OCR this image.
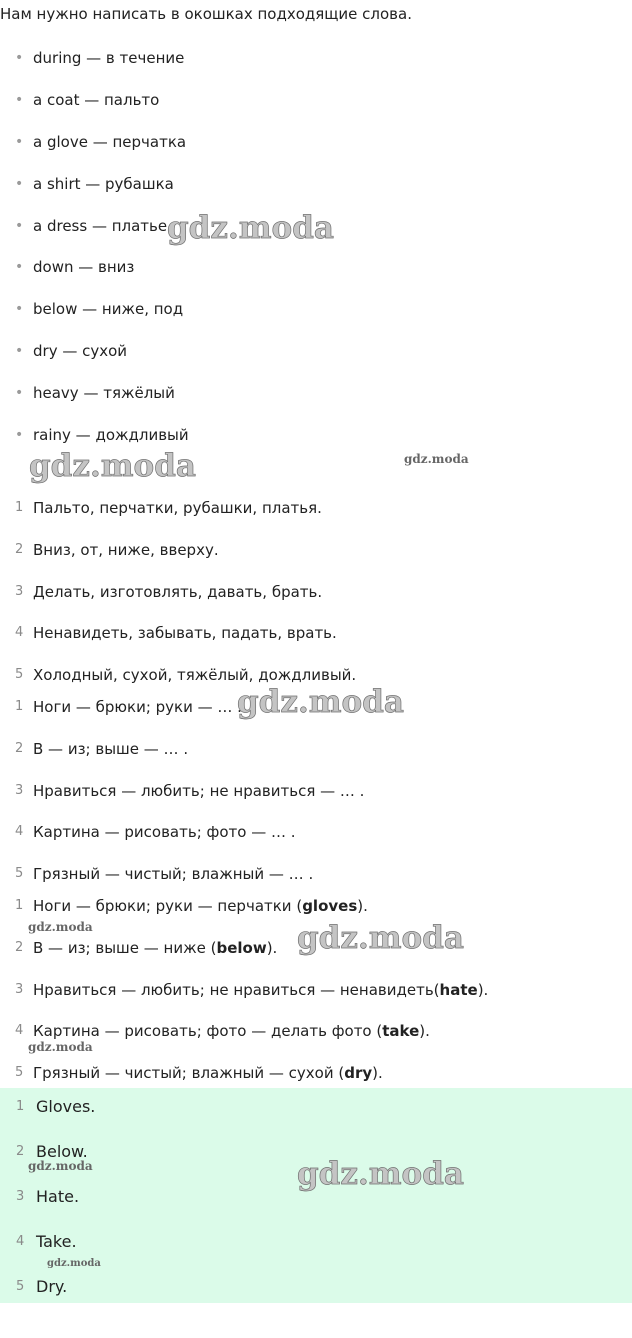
Нам нужно написать в окошках подходящие слова.
• during — в течение
• a coat — пальто
• a glove — перчатка
• a shirt — рубашка
• a dress — платье
• down — вниз
• below — ниже, под
• dry — сухой
• heavy — тяжёлый
• rainy — дождливый
1 Пальто, перчатки, рубашки, платья.
2 Вниз, от, ниже, вверху.
3 Делать, изготовлять, давать, брать.
4 Ненавидеть, забывать, падать, врать.
5 Холодный, сухой, тяжёлый, дождливый.
1 Ноги — брюки; руки — … .
2 В — из; выше — … .
3 Нравиться — любить; не нравиться — … .
4 Картина — рисовать; фото — … .
5 Грязный — чистый; влажный — … .
1 Ноги — брюки; руки — перчатки (gloves).
2 В — из; выше — ниже (below).
3 Нравиться — любить; не нравиться — ненавидеть(hate).
4 Картина — рисовать; фото — делать фото (take).
5 Грязный — чистый; влажный — сухой (dry).
1 Gloves.
2 Below.
3 Hate.
4 Take.
5 Dry.
gdz.moda
gdz.moda	gdz.moda
gdz.moda
gdz.moda	gdz.moda
gdz.moda
gdz.moda	gdz.moda
gdz.moda
